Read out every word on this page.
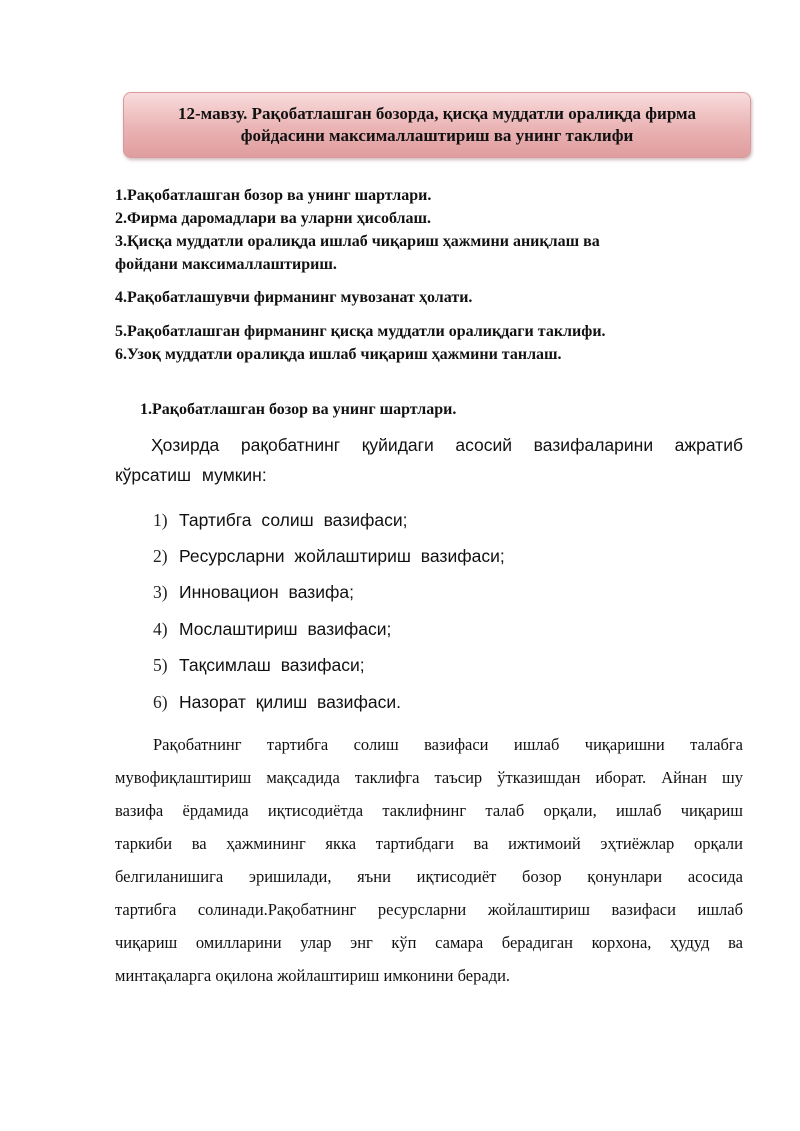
12-мавзу. Рақобатлашган бозорда, қисқа муддатли оралиқда фирма
фойдасини максималлаштириш ва унинг таклифи
1.Рақобатлашган бозор ва унинг шартлари.
2.Фирма даромадлари ва уларни ҳисоблаш.
3.Қисқа муддатли оралиқда ишлаб чиқариш ҳажмини аниқлаш ва
фойдани максималлаштириш.
4.Рақобатлашувчи фирманинг мувозанат ҳолати.
5.Рақобатлашган фирманинг қисқа муддатли оралиқдаги таклифи.
6.Узоқ муддатли оралиқда ишлаб чиқариш ҳажмини танлаш.
1.Рақобатлашган бозор ва унинг шартлари.
Ҳозирда рақобатнинг қуйидаги асосий вазифаларини ажратиб
кўрсатиш мумкин:
1) Тартибга солиш вазифаси;
2) Ресурсларни жойлаштириш вазифаси;
3) Инновацион вазифа;
4) Мослаштириш вазифаси;
5) Тақсимлаш вазифаси;
6) Назорат қилиш вазифаси.
Рақобатнинг тартибга солиш вазифаси ишлаб чиқаришни талабга
мувофиқлаштириш мақсадида таклифга таъсир ўтказишдан иборат. Айнан шу
вазифа ёрдамида иқтисодиётда таклифнинг талаб орқали, ишлаб чиқариш
таркиби ва ҳажмининг якка тартибдаги ва ижтимоий эҳтиёжлар орқали
белгиланишига эришилади, яъни иқтисодиёт бозор қонунлари асосида
тартибга солинади.Рақобатнинг ресурсларни жойлаштириш вазифаси ишлаб
чиқариш омилларини улар энг кўп самара берадиган корхона, ҳудуд ва
минтақаларга оқилона жойлаштириш имконини беради.
